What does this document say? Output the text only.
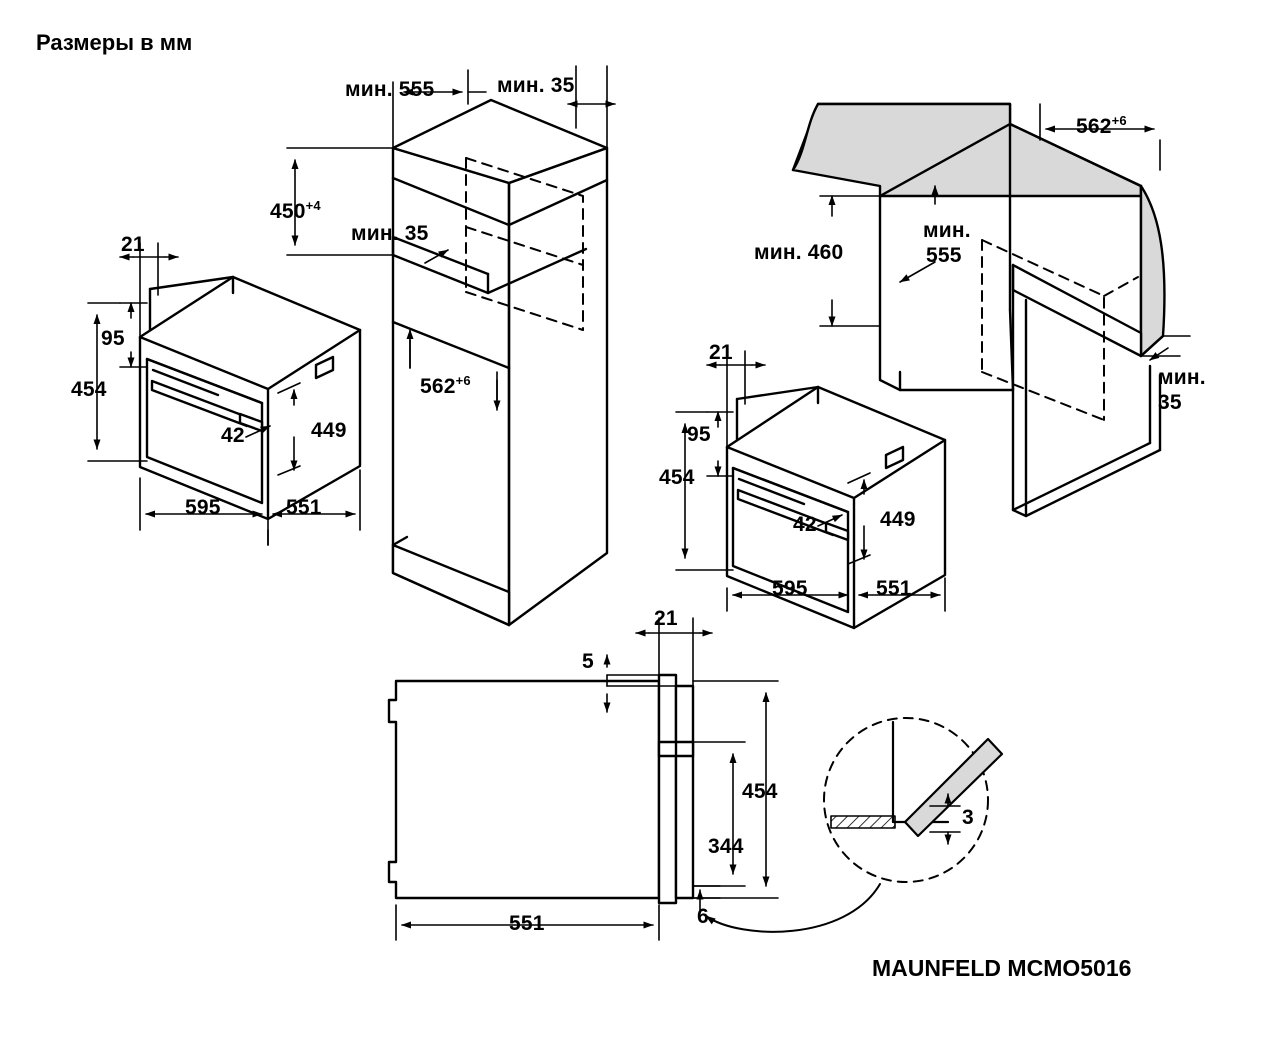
Размеры в мм
MAUNFELD MCMO5016
мин. 555	мин. 35
$450^{+4}$
мин. 35
$562^{+6}$
21
95
454
42	449
595	551
21
95
454
42	449
595	551
$562^{+6}$
мин. 460
мин.
555
мин.
35
21
5
454
344
6
551
3
